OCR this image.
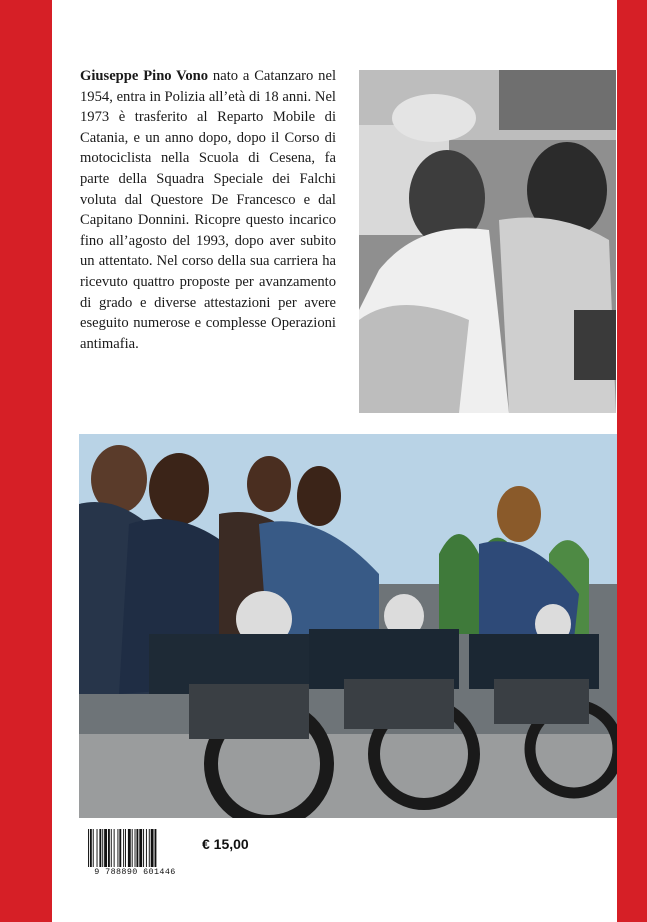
Giuseppe Pino Vono nato a Catanzaro nel 1954, entra in Polizia all’età di 18 anni. Nel 1973 è trasferito al Reparto Mobile di Catania, e un anno dopo, dopo il Corso di motociclista nella Scuola di Cesena, fa parte della Squadra Speciale dei Falchi voluta dal Questore De Francesco e dal Capitano Donnini. Ricopre questo incarico fino all’agosto del 1993, dopo aver subito un attentato. Nel corso della sua carriera ha ricevuto quattro proposte per avanzamento di grado e diverse attestazioni per avere eseguito numerose e complesse Operazioni antimafia.

9 788890 601446
€ 15,00
